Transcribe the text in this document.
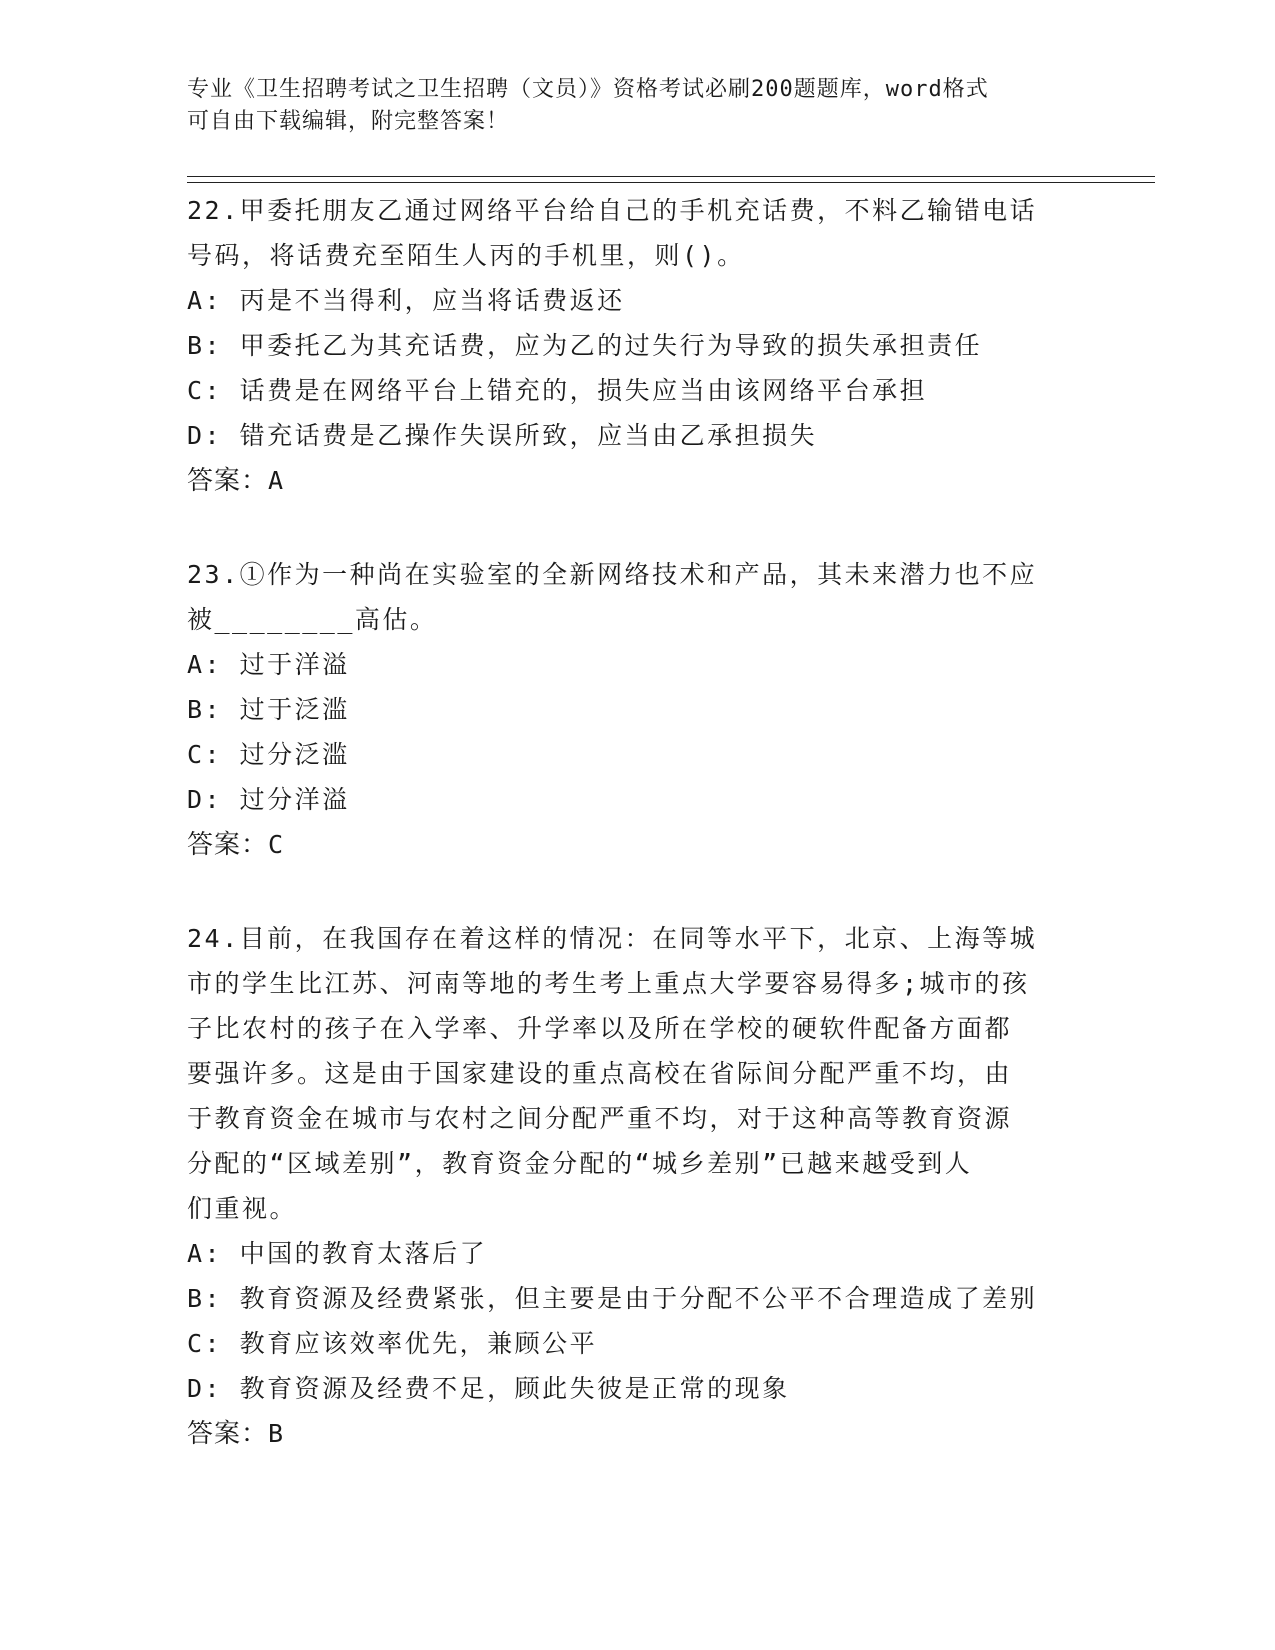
专业《卫生招聘考试之卫生招聘（文员）》资格考试必刷200题题库，word格式
可自由下载编辑，附完整答案！
22.甲委托朋友乙通过网络平台给自己的手机充话费，不料乙输错电话
号码，将话费充至陌生人丙的手机里，则()。
A: 丙是不当得利，应当将话费返还
B: 甲委托乙为其充话费，应为乙的过失行为导致的损失承担责任
C: 话费是在网络平台上错充的，损失应当由该网络平台承担
D: 错充话费是乙操作失误所致，应当由乙承担损失
答案：A
23.①作为一种尚在实验室的全新网络技术和产品，其未来潜力也不应
被________高估。
A: 过于洋溢
B: 过于泛滥
C: 过分泛滥
D: 过分洋溢
答案：C
24.目前，在我国存在着这样的情况：在同等水平下，北京、上海等城
市的学生比江苏、河南等地的考生考上重点大学要容易得多;城市的孩
子比农村的孩子在入学率、升学率以及所在学校的硬软件配备方面都
要强许多。这是由于国家建设的重点高校在省际间分配严重不均，由
于教育资金在城市与农村之间分配严重不均，对于这种高等教育资源
分配的“区域差别”，教育资金分配的“城乡差别”已越来越受到人
们重视。
A: 中国的教育太落后了
B: 教育资源及经费紧张，但主要是由于分配不公平不合理造成了差别
C: 教育应该效率优先，兼顾公平
D: 教育资源及经费不足，顾此失彼是正常的现象
答案：B
